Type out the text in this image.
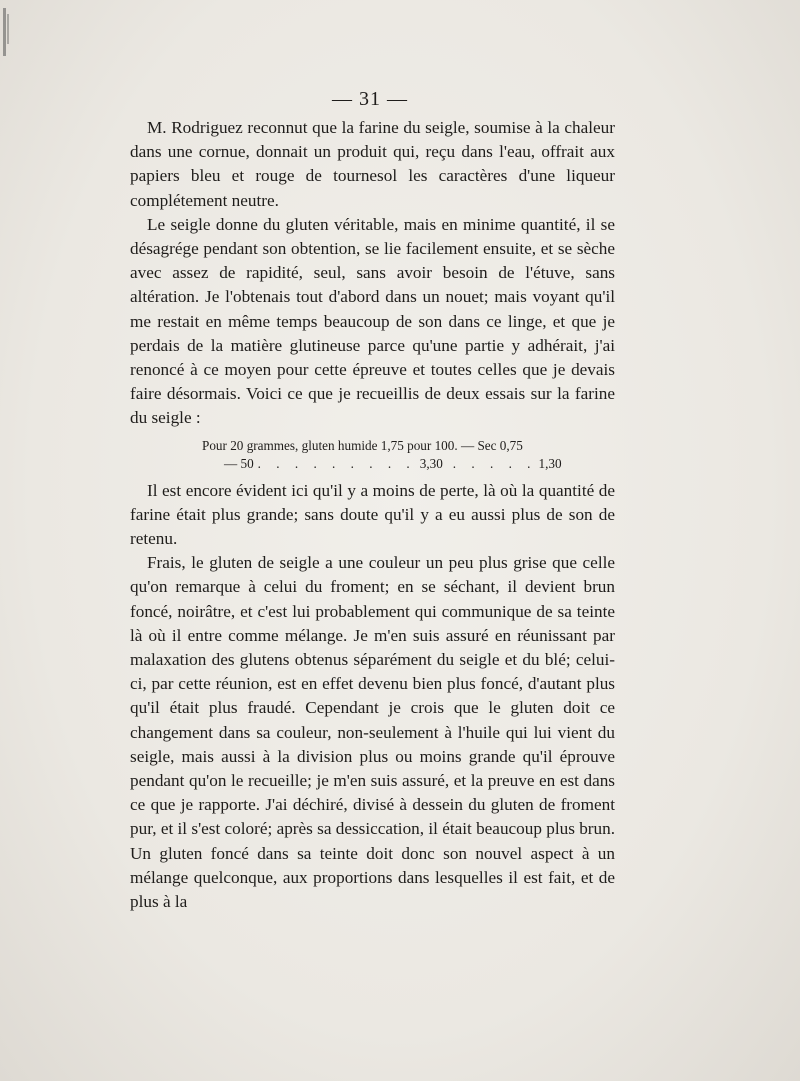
— 31 —

M. Rodriguez reconnut que la farine du seigle, soumise à la chaleur dans une cornue, donnait un produit qui, reçu dans l'eau, offrait aux papiers bleu et rouge de tournesol les caractères d'une liqueur complétement neutre.

Le seigle donne du gluten véritable, mais en minime quantité, il se désagrége pendant son obtention, se lie facilement ensuite, et se sèche avec assez de rapidité, seul, sans avoir besoin de l'étuve, sans altération. Je l'obtenais tout d'abord dans un nouet; mais voyant qu'il me restait en même temps beaucoup de son dans ce linge, et que je perdais de la matière glutineuse parce qu'une partie y adhérait, j'ai renoncé à ce moyen pour cette épreuve et toutes celles que je devais faire désormais. Voici ce que je recueillis de deux essais sur la farine du seigle :

Pour 20 grammes, gluten humide 1,75 pour 100. — Sec 0,75
— 50 . . . . . . . . . 3,30 . . . . . 1,30

Il est encore évident ici qu'il y a moins de perte, là où la quantité de farine était plus grande; sans doute qu'il y a eu aussi plus de son de retenu.

Frais, le gluten de seigle a une couleur un peu plus grise que celle qu'on remarque à celui du froment; en se séchant, il devient brun foncé, noirâtre, et c'est lui probablement qui communique de sa teinte là où il entre comme mélange. Je m'en suis assuré en réunissant par malaxation des glutens obtenus séparément du seigle et du blé; celui-ci, par cette réunion, est en effet devenu bien plus foncé, d'autant plus qu'il était plus fraudé. Cependant je crois que le gluten doit ce changement dans sa couleur, non-seulement à l'huile qui lui vient du seigle, mais aussi à la division plus ou moins grande qu'il éprouve pendant qu'on le recueille; je m'en suis assuré, et la preuve en est dans ce que je rapporte. J'ai déchiré, divisé à dessein du gluten de froment pur, et il s'est coloré; après sa dessiccation, il était beaucoup plus brun. Un gluten foncé dans sa teinte doit donc son nouvel aspect à un mélange quelconque, aux proportions dans lesquelles il est fait, et de plus à la
